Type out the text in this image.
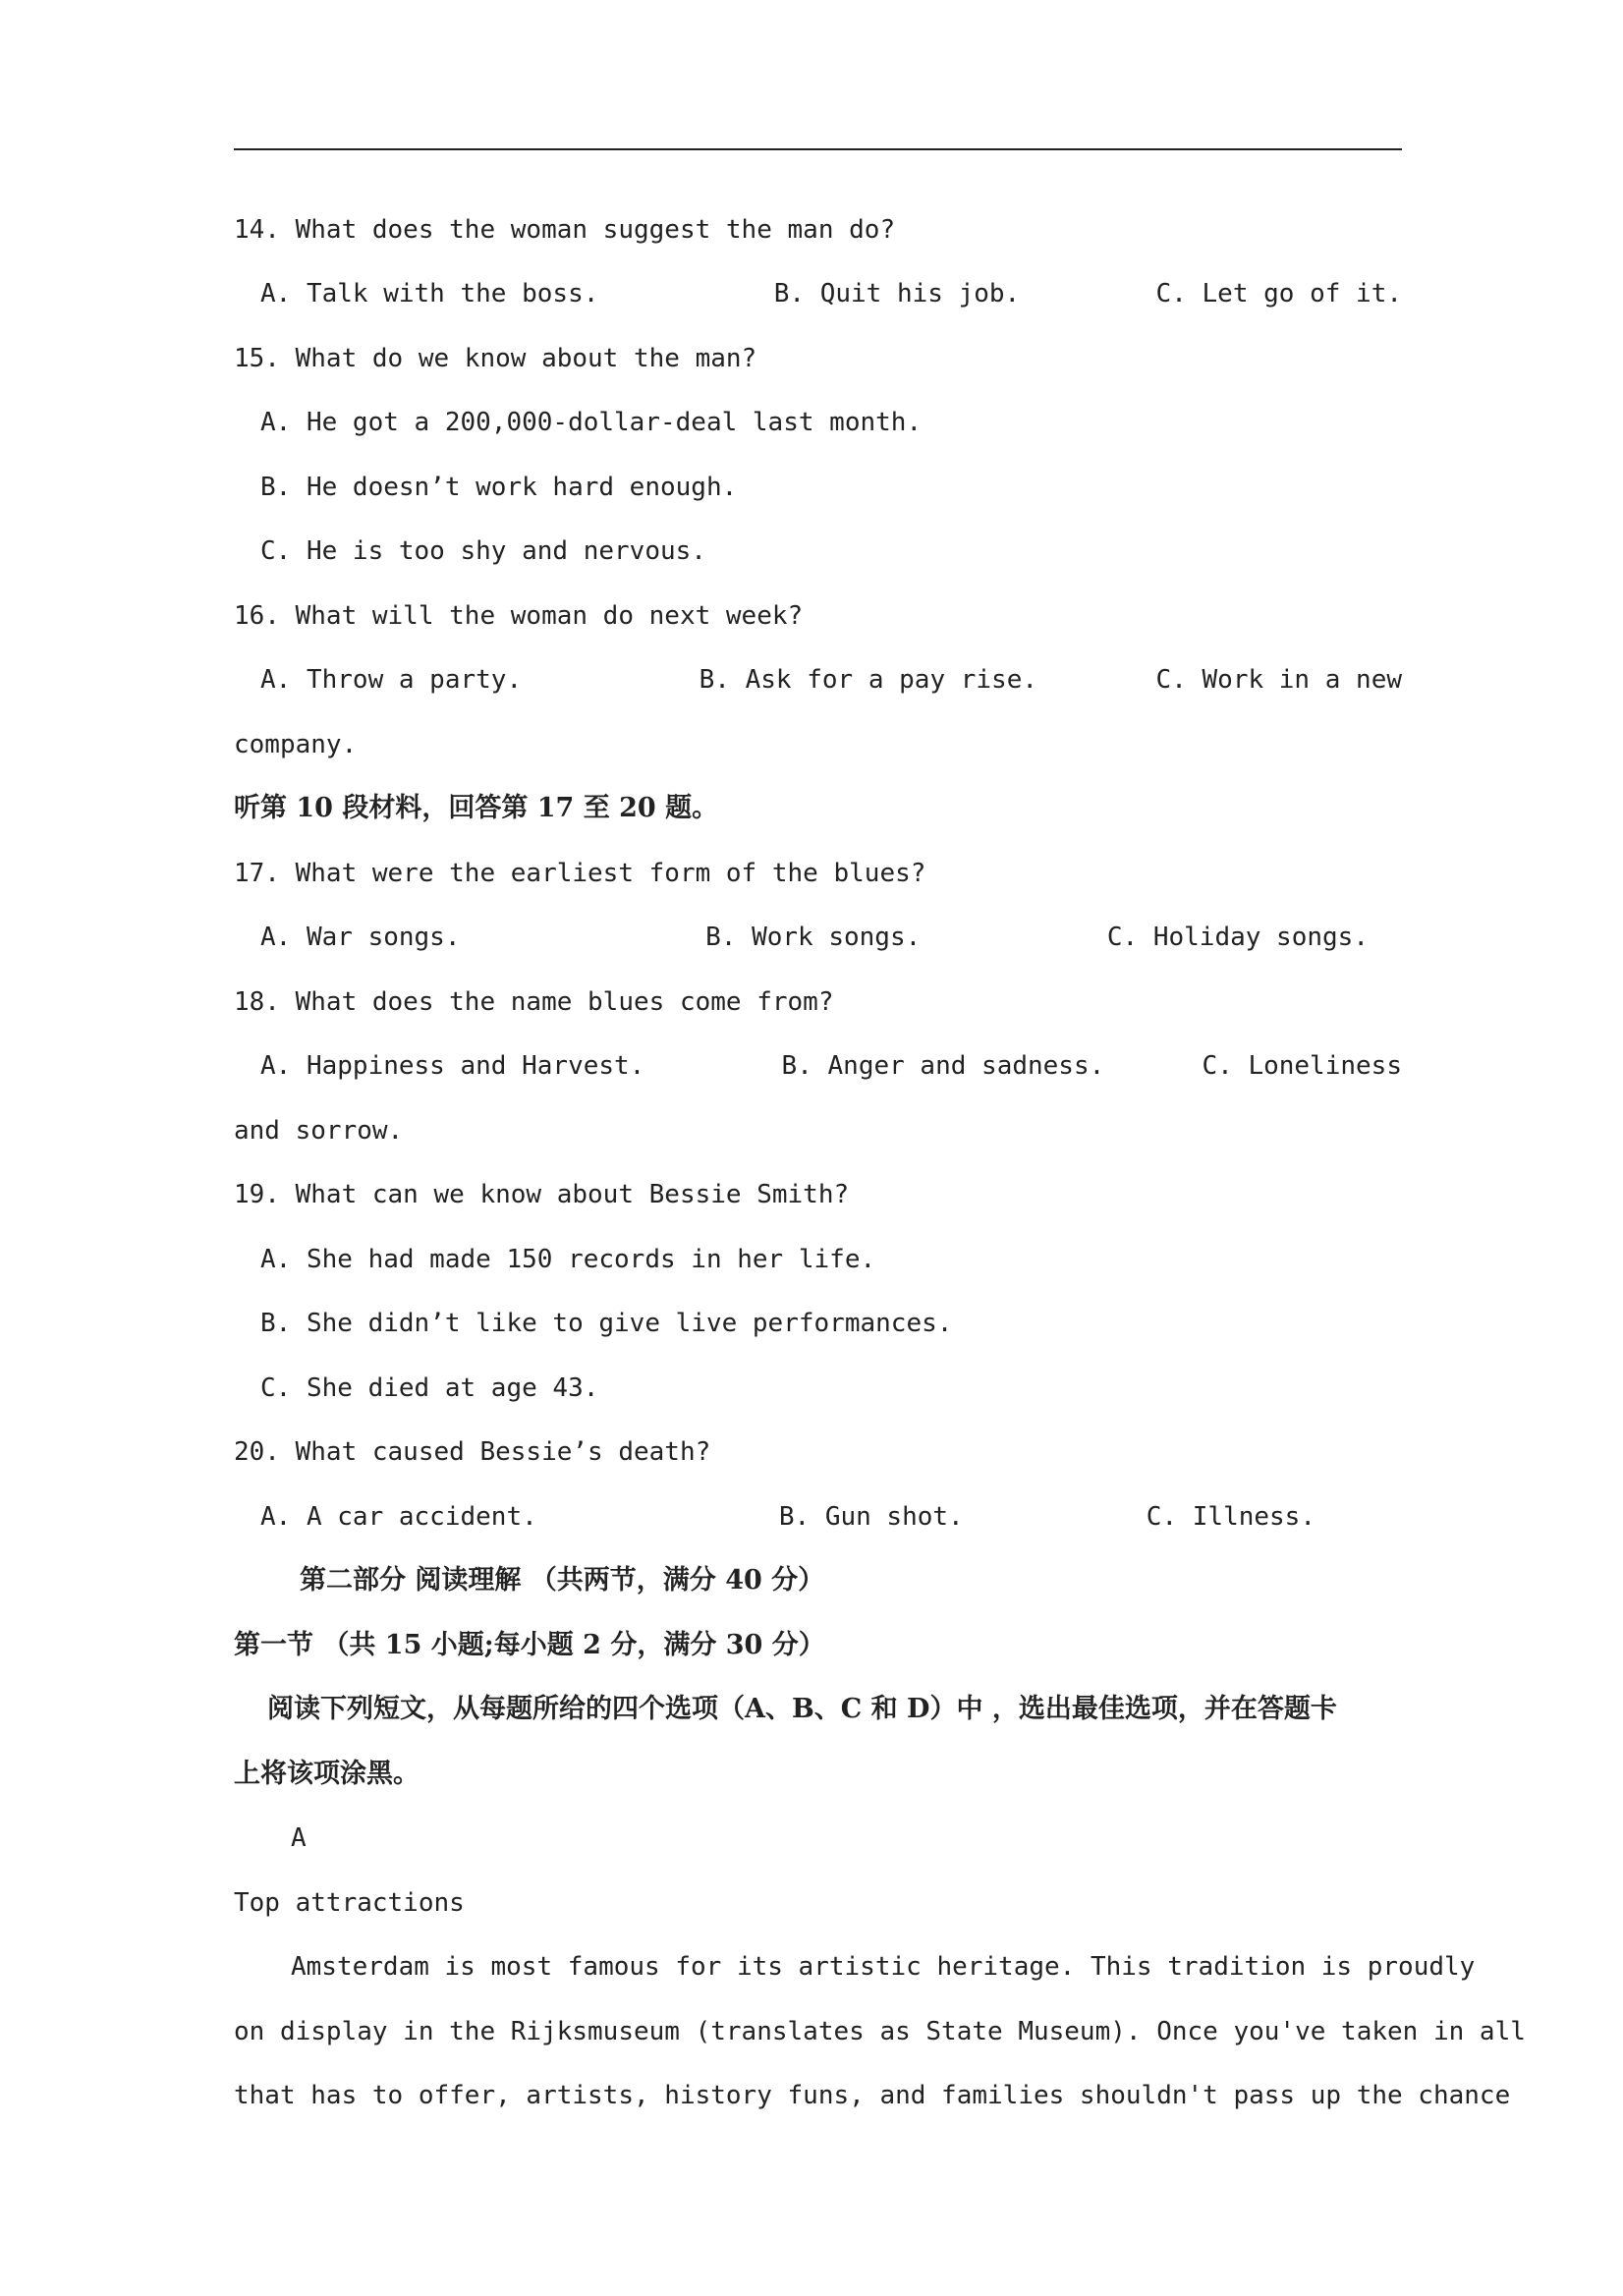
14. What does the woman suggest the man do?
A. Talk with the boss.	B. Quit his job.	C. Let go of it.
15. What do we know about the man?
A. He got a 200,000-dollar-deal last month.
B. He doesn’t work hard enough.
C. He is too shy and nervous.
16. What will the woman do next week?
A. Throw a party.	B. Ask for a pay rise.	C. Work in a new
company.
听第 10 段材料，回答第 17 至 20 题。
17. What were the earliest form of the blues?
A. War songs.	B. Work songs.	C. Holiday songs.
18. What does the name blues come from?
A. Happiness and Harvest.	B. Anger and sadness.	C. Loneliness
and sorrow.
19. What can we know about Bessie Smith?
A. She had made 150 records in her life.
B. She didn’t like to give live performances.
C. She died at age 43.
20. What caused Bessie’s death?
A. A car accident.	B. Gun shot.	C. Illness.
第二部分 阅读理解 （共两节，满分 40 分）
第一节 （共 15 小题;每小题 2 分，满分 30 分）
阅读下列短文，从每题所给的四个选项（A、B、C 和 D）中 ，选出最佳选项，并在答题卡
上将该项涂黑。
A
Top attractions
Amsterdam is most famous for its artistic heritage. This tradition is proudly
on display in the Rijksmuseum (translates as State Museum). Once you've taken in all
that has to offer, artists, history funs, and families shouldn't pass up the chance
